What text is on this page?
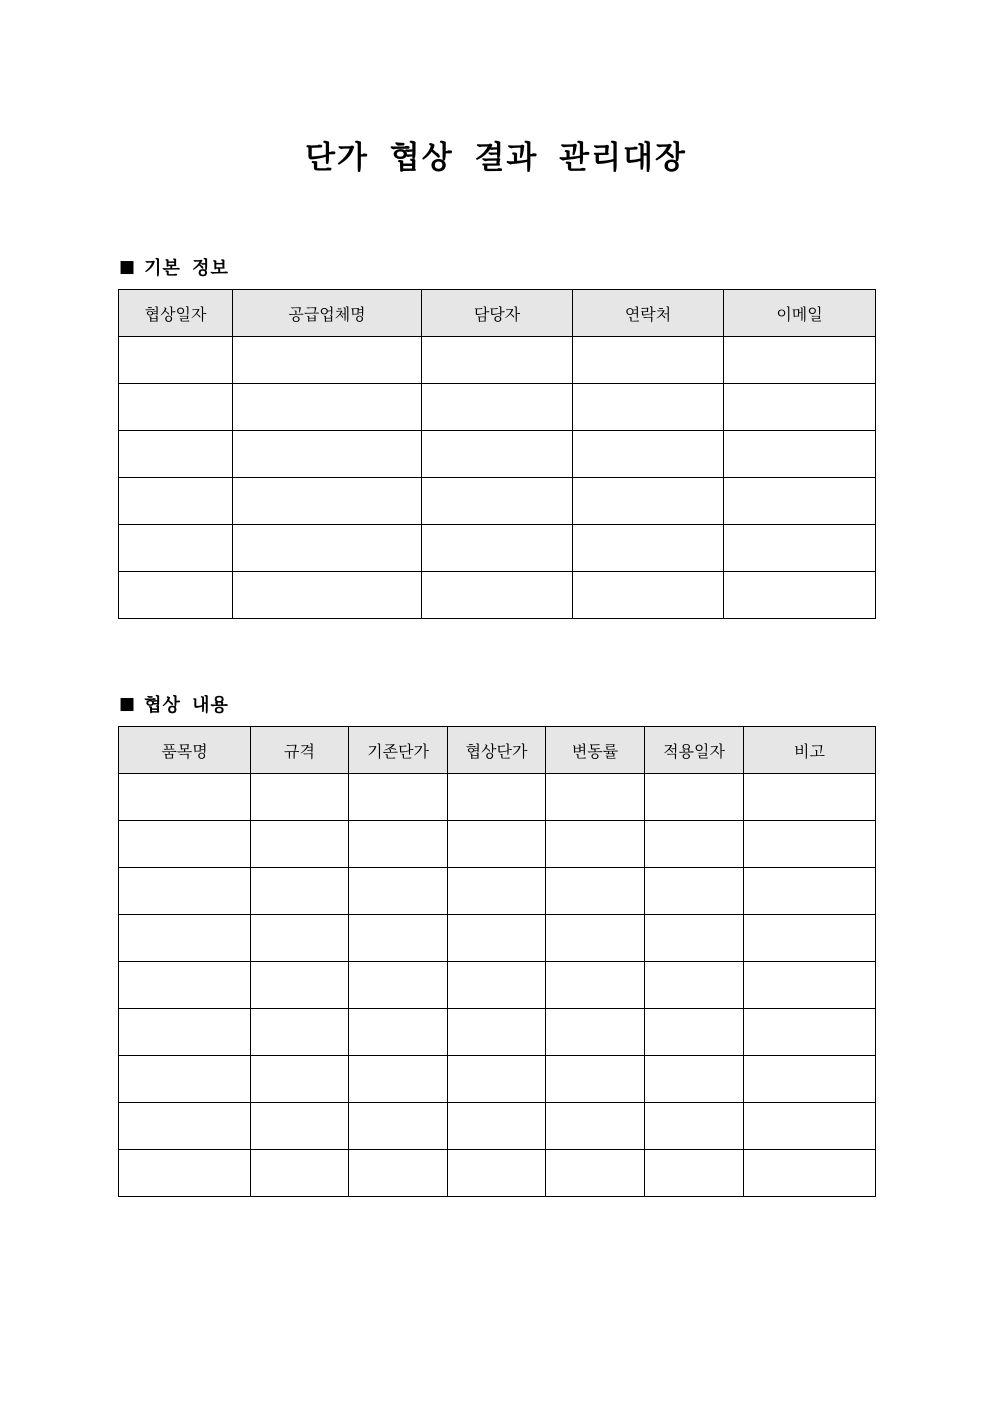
단가 협상 결과 관리대장
■ 기본 정보
협상일자	공급업체명	담당자	연락처	이메일

■ 협상 내용
품목명	규격	기존단가	협상단가	변동률	적용일자	비고
